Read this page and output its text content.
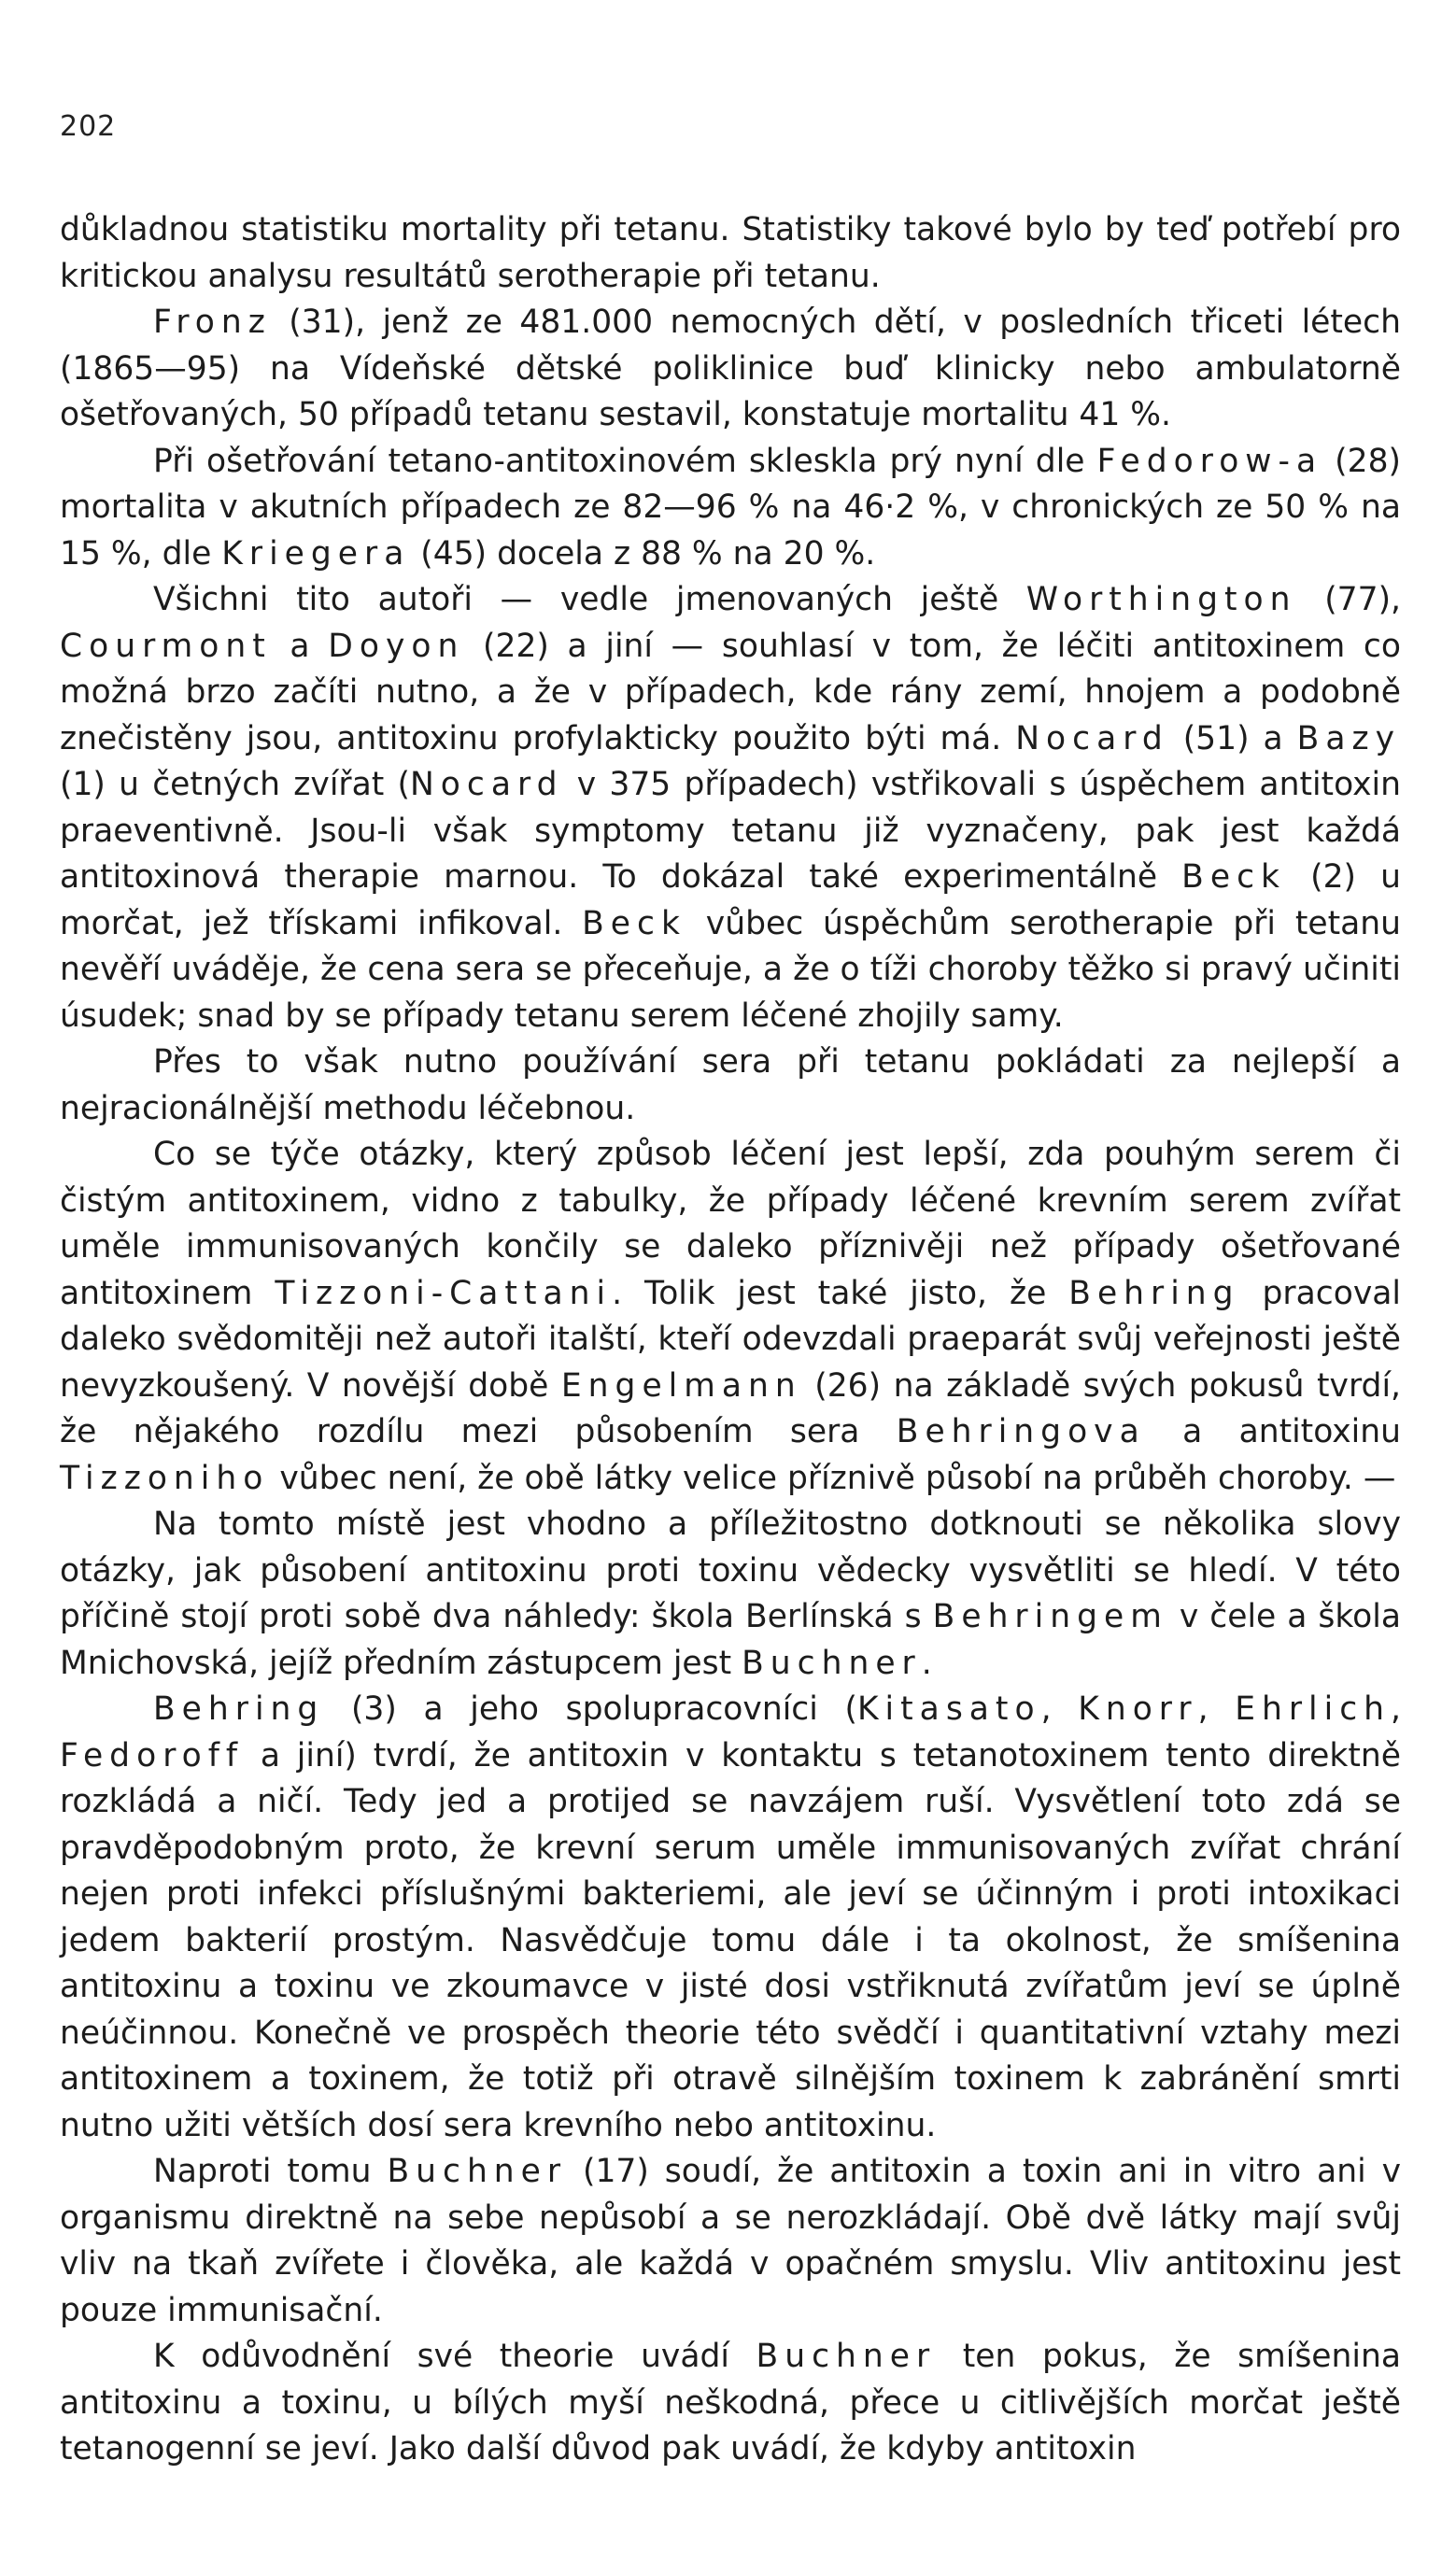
202

důkladnou statistiku mortality při tetanu. Statistiky takové bylo by teď potřebí pro kritickou analysu resultátů serotherapie při tetanu.

Fronz (31), jenž ze 481.000 nemocných dětí, v posledních třiceti létech (1865—95) na Vídeňské dětské poliklinice buď klinicky nebo ambulatorně ošetřovaných, 50 případů tetanu sestavil, konstatuje mortalitu 41 %.

Při ošetřování tetano-antitoxinovém skleskla prý nyní dle Fedorow-a (28) mortalita v akutních případech ze 82—96 % na 46·2 %, v chronických ze 50 % na 15 %, dle Kriegera (45) docela z 88 % na 20 %.

Všichni tito autoři — vedle jmenovaných ještě Worthington (77), Courmont a Doyon (22) a jiní — souhlasí v tom, že léčiti antitoxinem co možná brzo začíti nutno, a že v případech, kde rány zemí, hnojem a podobně znečistěny jsou, antitoxinu profylakticky použito býti má. Nocard (51) a Bazy (1) u četných zvířat (Nocard v 375 případech) vstřikovali s úspěchem antitoxin praeventivně. Jsou-li však symptomy tetanu již vyznačeny, pak jest každá antitoxinová therapie marnou. To dokázal také experimentálně Beck (2) u morčat, jež třískami infikoval. Beck vůbec úspěchům serotherapie při tetanu nevěří uváděje, že cena sera se přeceňuje, a že o tíži choroby těžko si pravý učiniti úsudek; snad by se případy tetanu serem léčené zhojily samy.

Přes to však nutno používání sera při tetanu pokládati za nejlepší a nejracionálnější methodu léčebnou.

Co se týče otázky, který způsob léčení jest lepší, zda pouhým serem či čistým antitoxinem, vidno z tabulky, že případy léčené krevním serem zvířat uměle immunisovaných končily se daleko příznivěji než případy ošetřované antitoxinem Tizzoni-Cattani. Tolik jest také jisto, že Behring pracoval daleko svědomitěji než autoři italští, kteří odevzdali praeparát svůj veřejnosti ještě nevyzkoušený. V novější době Engelmann (26) na základě svých pokusů tvrdí, že nějakého rozdílu mezi působením sera Behringova a antitoxinu Tizzoniho vůbec není, že obě látky velice příznivě působí na průběh choroby. —

Na tomto místě jest vhodno a příležitostno dotknouti se několika slovy otázky, jak působení antitoxinu proti toxinu vědecky vysvětliti se hledí. V této příčině stojí proti sobě dva náhledy: škola Berlínská s Behringem v čele a škola Mnichovská, jejíž předním zástupcem jest Buchner.

Behring (3) a jeho spolupracovníci (Kitasato, Knorr, Ehrlich, Fedoroff a jiní) tvrdí, že antitoxin v kontaktu s tetanotoxinem tento direktně rozkládá a ničí. Tedy jed a protijed se navzájem ruší. Vysvětlení toto zdá se pravděpodobným proto, že krevní serum uměle immunisovaných zvířat chrání nejen proti infekci příslušnými bakteriemi, ale jeví se účinným i proti intoxikaci jedem bakterií prostým. Nasvědčuje tomu dále i ta okolnost, že smíšenina antitoxinu a toxinu ve zkoumavce v jisté dosi vstřiknutá zvířatům jeví se úplně neúčinnou. Konečně ve prospěch theorie této svědčí i quantitativní vztahy mezi antitoxinem a toxinem, že totiž při otravě silnějším toxinem k zabránění smrti nutno užiti větších dosí sera krevního nebo antitoxinu.

Naproti tomu Buchner (17) soudí, že antitoxin a toxin ani in vitro ani v organismu direktně na sebe nepůsobí a se nerozkládají. Obě dvě látky mají svůj vliv na tkaň zvířete i člověka, ale každá v opačném smyslu. Vliv antitoxinu jest pouze immunisační.

K odůvodnění své theorie uvádí Buchner ten pokus, že smíšenina antitoxinu a toxinu, u bílých myší neškodná, přece u citlivějších morčat ještě tetanogenní se jeví. Jako další důvod pak uvádí, že kdyby antitoxin
